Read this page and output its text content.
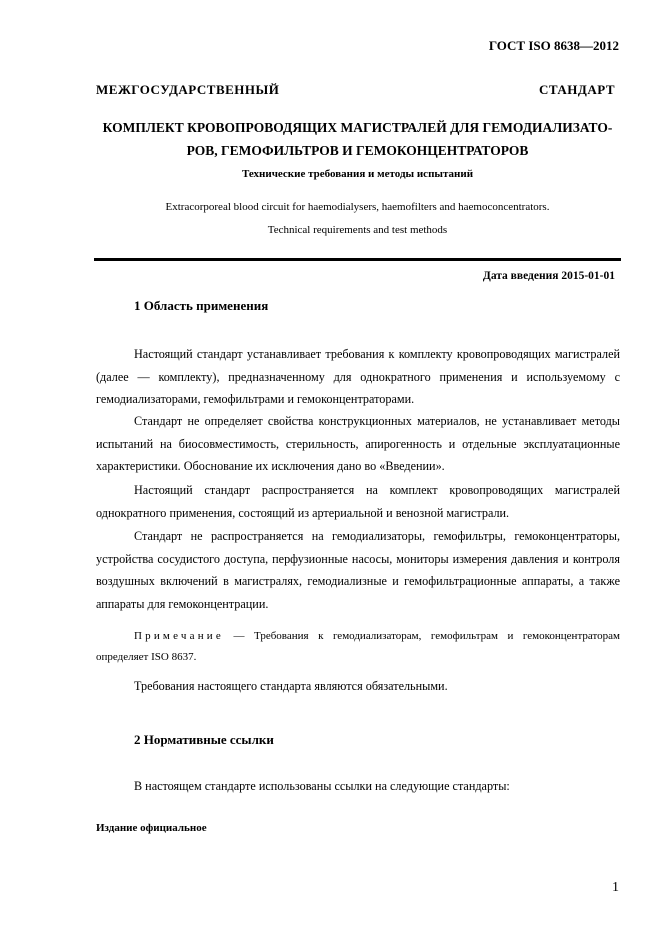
ГОСТ ISO 8638—2012
МЕЖГОСУДАРСТВЕННЫЙ СТАНДАРТ
КОМПЛЕКТ КРОВОПРОВОДЯЩИХ МАГИСТРАЛЕЙ ДЛЯ ГЕМОДИАЛИЗАТО-
РОВ, ГЕМОФИЛЬТРОВ И ГЕМОКОНЦЕНТРАТОРОВ
Технические требования и методы испытаний
Extracorporeal blood circuit for haemodialysers, haemofilters and haemoconcentrators.
Technical requirements and test methods
Дата введения 2015-01-01
1 Область применения
Настоящий стандарт устанавливает требования к комплекту кровопроводящих магистралей (далее — комплекту), предназначенному для однократного применения и используемому с гемодиализаторами, гемофильтрами и гемоконцентраторами.
Стандарт не определяет свойства конструкционных материалов, не устанавливает методы испытаний на биосовместимость, стерильность, апирогенность и отдельные эксплуатационные характеристики. Обоснование их исключения дано во «Введении».
Настоящий стандарт распространяется на комплект кровопроводящих магистралей однократного применения, состоящий из артериальной и венозной магистрали.
Стандарт не распространяется на гемодиализаторы, гемофильтры, гемоконцентраторы, устройства сосудистого доступа, перфузионные насосы, мониторы измерения давления и контроля воздушных включений в магистралях, гемодиализные и гемофильтрационные аппараты, а также аппараты для гемоконцентрации.
Примечание — Требования к гемодиализаторам, гемофильтрам и гемоконцентраторам определяет ISO 8637.
Требования настоящего стандарта являются обязательными.
2 Нормативные ссылки
В настоящем стандарте использованы ссылки на следующие стандарты:
Издание официальное
1
